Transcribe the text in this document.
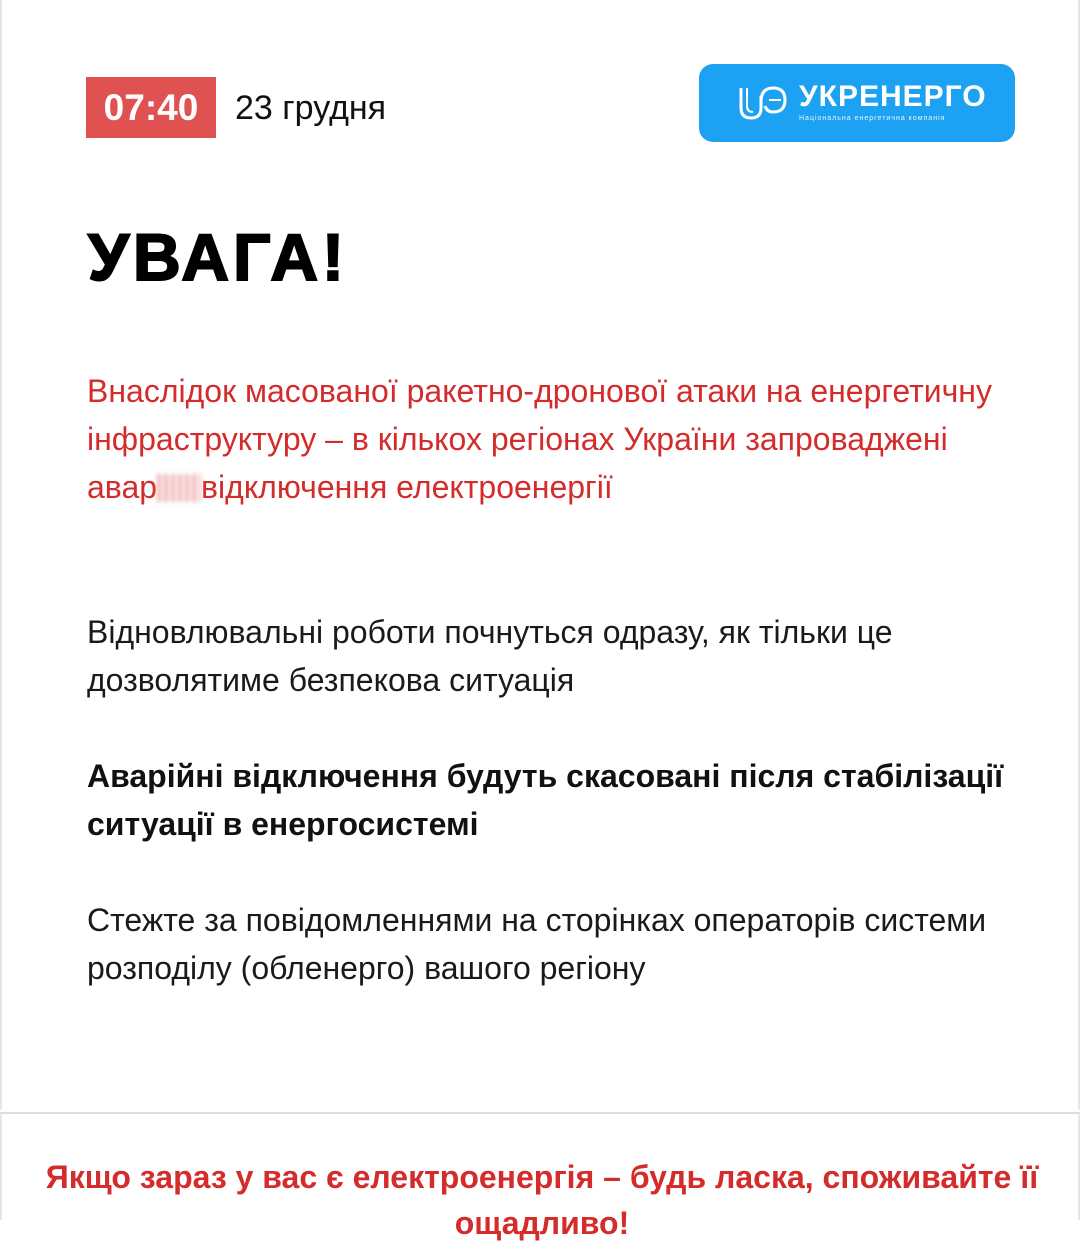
07:40	23 грудня	УКРЕНЕРГО
Національна енергетична компанія
УВАГА!

Внаслідок масованої ракетно-дронової атаки на енергетичну інфраструктуру – в кількох регіонах України запроваджені авар відключення електроенергії

Відновлювальні роботи почнуться одразу, як тільки це дозволятиме безпекова ситуація

Аварійні відключення будуть скасовані після стабілізації ситуації в енергосистемі

Стежте за повідомленнями на сторінках операторів системи розподілу (обленерго) вашого регіону

Якщо зараз у вас є електроенергія – будь ласка, споживайте її ощадливо!
